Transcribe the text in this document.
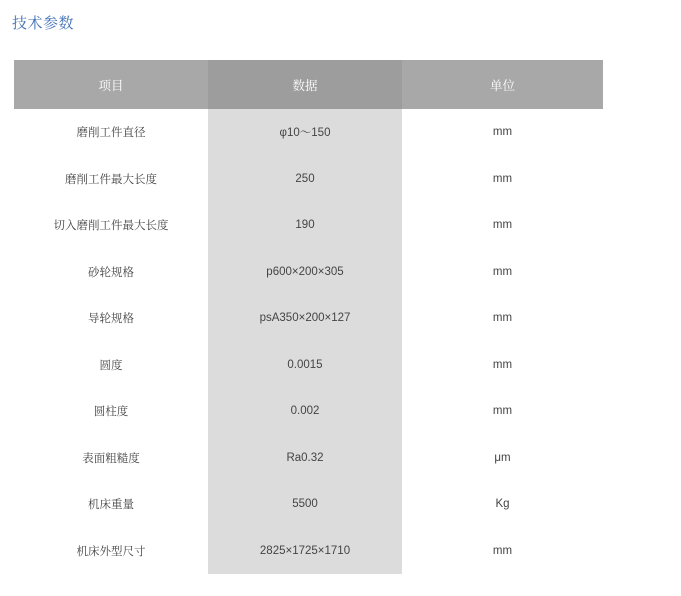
技术参数
项目	数据	单位
磨削工件直径	φ10～150	mm
磨削工件最大长度	250	mm
切入磨削工件最大长度	190	mm
砂轮规格	p600×200×305	mm
导轮规格	psA350×200×127	mm
圆度	0.0015	mm
圆柱度	0.002	mm
表面粗糙度	Ra0.32	μm
机床重量	5500	Kg
机床外型尺寸	2825×1725×1710	mm
